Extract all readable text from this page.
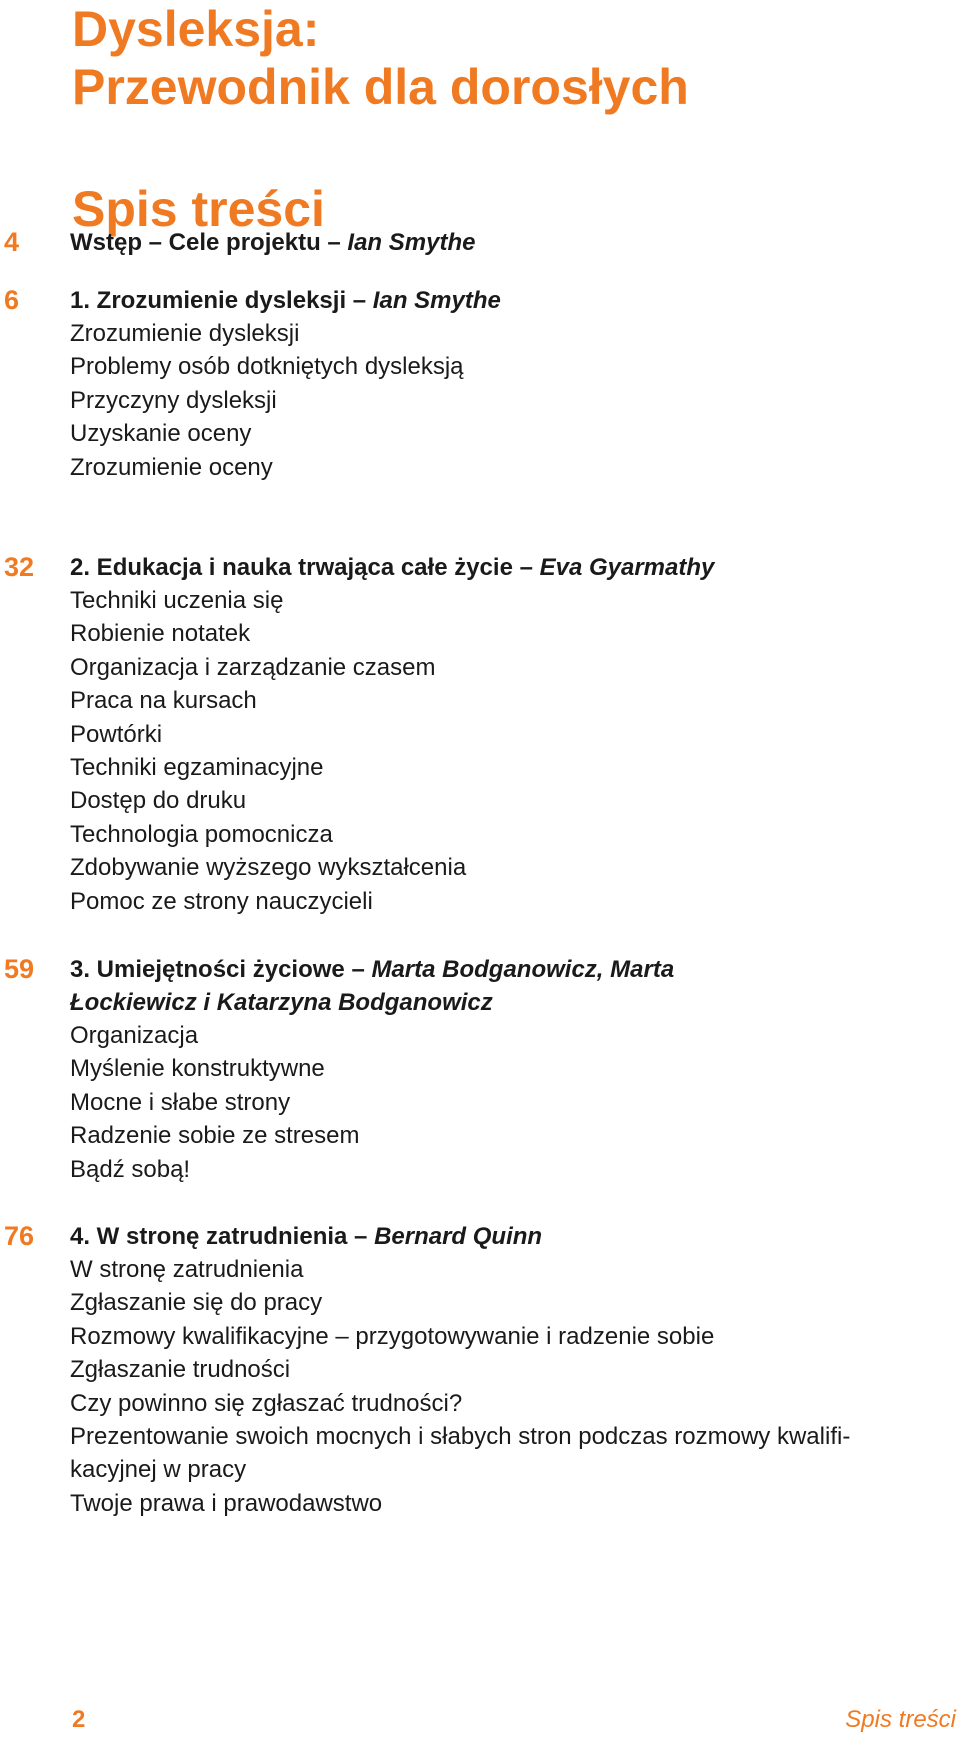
Dysleksja:
Przewodnik dla dorosłych
Spis treści
4 Wstęp – Cele projektu – Ian Smythe
6 1. Zrozumienie dysleksji – Ian Smythe
Zrozumienie dysleksji
Problemy osób dotkniętych dysleksją
Przyczyny dysleksji
Uzyskanie oceny
Zrozumienie oceny
32 2. Edukacja i nauka trwająca całe życie – Eva Gyarmathy
Techniki uczenia się
Robienie notatek
Organizacja i zarządzanie czasem
Praca na kursach
Powtórki
Techniki egzaminacyjne
Dostęp do druku
Technologia pomocnicza
Zdobywanie wyższego wykształcenia
Pomoc ze strony nauczycieli
59 3. Umiejętności życiowe – Marta Bodganowicz, Marta Łockiewicz i Katarzyna Bodganowicz
Organizacja
Myślenie konstruktywne
Mocne i słabe strony
Radzenie sobie ze stresem
Bądź sobą!
76 4. W stronę zatrudnienia – Bernard Quinn
W stronę zatrudnienia
Zgłaszanie się do pracy
Rozmowy kwalifikacyjne – przygotowywanie i radzenie sobie
Zgłaszanie trudności
Czy powinno się zgłaszać trudności?
Prezentowanie swoich mocnych i słabych stron podczas rozmowy kwalifi-kacyjnej w pracy
Twoje prawa i prawodawstwo
2	Spis treści
